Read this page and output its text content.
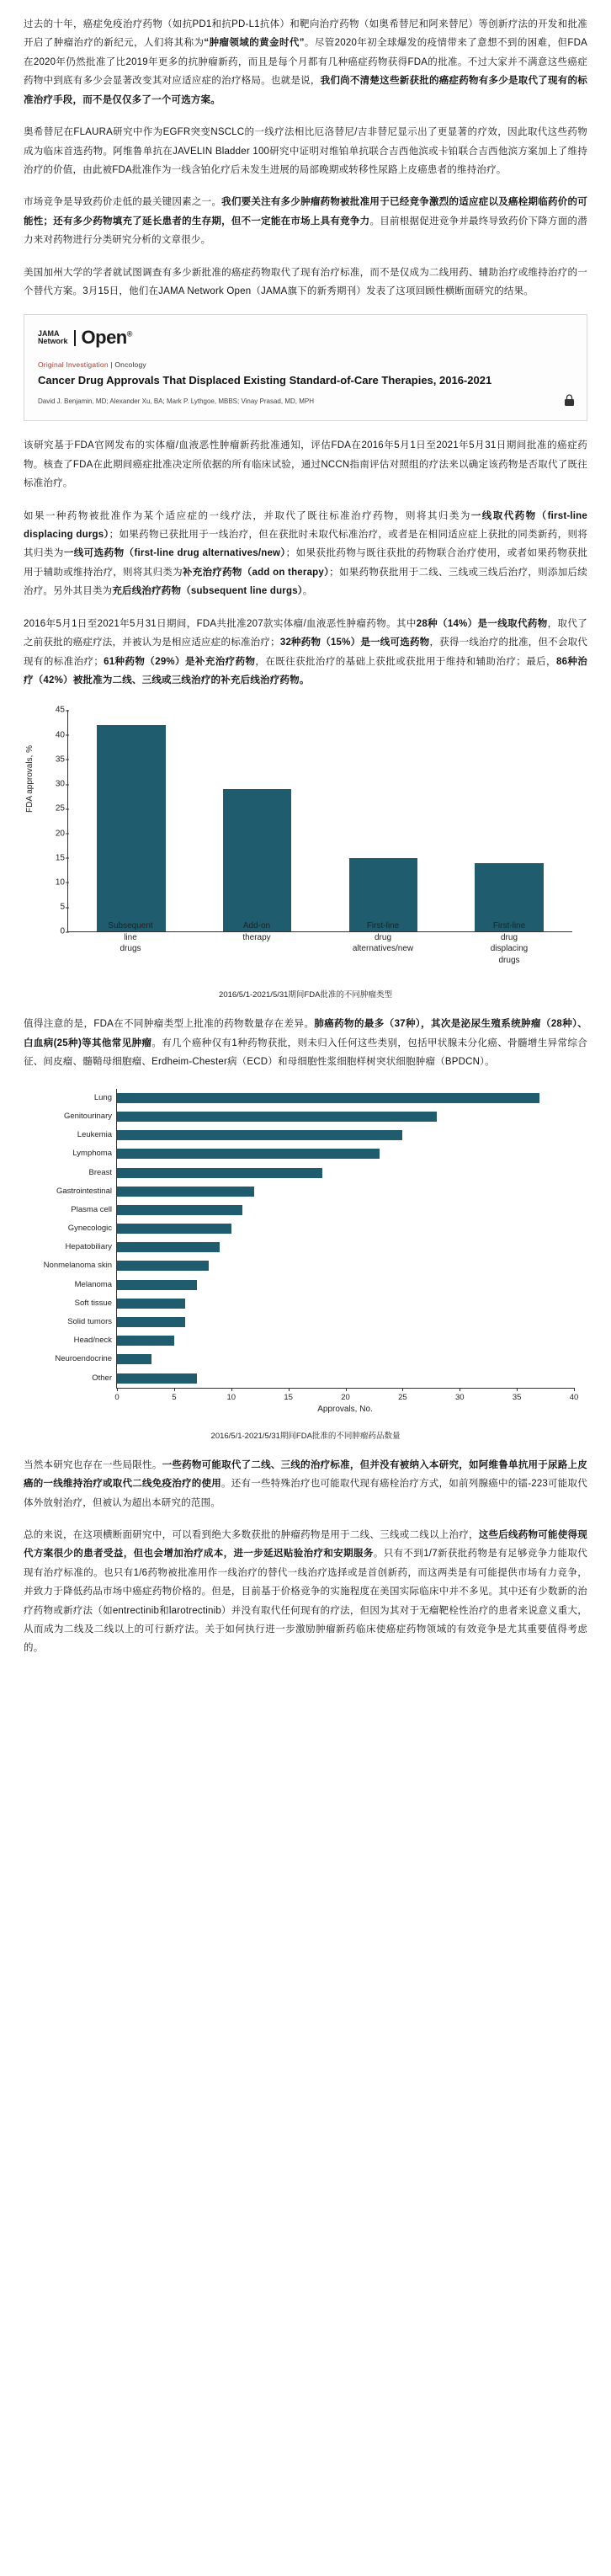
过去的十年，癌症免疫治疗药物（如抗PD1和抗PD-L1抗体）和靶向治疗药物（如奥希替尼和阿来替尼）等创新疗法的开发和批准开启了肿瘤治疗的新纪元，人们将其称为“肿瘤领域的黄金时代”。尽管2020年初全球爆发的疫情带来了意想不到的困难，但FDA在2020年仍然批准了比2019年更多的抗肿瘤新药，而且是每个月都有几种癌症药物获得FDA的批准。不过大家并不满意这些癌症药物中到底有多少会显著改变其对应适应症的治疗格局。也就是说，我们尚不清楚这些新获批的癌症药物有多少是取代了现有的标准治疗手段，而不是仅仅多了一个可选方案。

奥希替尼在FLAURA研究中作为EGFR突变NSCLC的一线疗法相比厄洛替尼/吉非替尼显示出了更显著的疗效，因此取代这些药物成为临床首选药物。阿维鲁单抗在JAVELIN Bladder 100研究中证明对维铂单抗联合吉西他滨或卡铂联合吉西他滨方案加上了维持治疗的价值，由此被FDA批准作为一线含铂化疗后未发生进展的局部晚期或转移性尿路上皮癌患者的维持治疗。

市场竞争是导致药价走低的最关键因素之一。我们要关注有多少肿瘤药物被批准用于已经竞争激烈的适应症以及癌栓期临药价的可能性；还有多少药物填充了延长患者的生存期，但不一定能在市场上具有竞争力。目前根据促进竞争并最终导致药价下降方面的潜力来对药物进行分类研究分析的文章很少。

美国加州大学的学者就试图调查有多少新批准的癌症药物取代了现有治疗标准，而不是仅成为二线用药、辅助治疗或维持治疗的一个替代方案。3月15日，他们在JAMA Network Open（JAMA旗下的新秀期刊）发表了这项回顾性横断面研究的结果。

JAMA
Network Open®
Original Investigation | Oncology
Cancer Drug Approvals That Displaced Existing Standard-of-Care Therapies, 2016-2021
David J. Benjamin, MD; Alexander Xu, BA; Mark P. Lythgoe, MBBS; Vinay Prasad, MD, MPH

该研究基于FDA官网发布的实体瘤/血液恶性肿瘤新药批准通知，评估FDA在2016年5月1日至2021年5月31日期间批准的癌症药物。核查了FDA在此期间癌症批准决定所依据的所有临床试验，通过NCCN指南评估对照组的疗法来以确定该药物是否取代了既往标准治疗。

如果一种药物被批准作为某个适应症的一线疗法，并取代了既往标准治疗药物，则将其归类为一线取代药物（first-line displacing durgs）；如果药物已获批用于一线治疗，但在获批时未取代标准治疗，或者是在相同适应症上获批的同类新药，则将其归类为一线可选药物（first-line drug alternatives/new）；如果获批药物与既往获批的药物联合治疗使用，或者如果药物获批用于辅助或维持治疗，则将其归类为补充治疗药物（add on therapy）；如果药物获批用于二线、三线或三线后治疗，则添加后续治疗。另外其目类为充后线治疗药物（subsequent line durgs）。

2016年5月1日至2021年5月31日期间，FDA共批准207款实体瘤/血液恶性肿瘤药物。其中28种（14%）是一线取代药物，取代了之前获批的癌症疗法，并被认为是相应适应症的标准治疗；32种药物（15%）是一线可选药物，获得一线治疗的批准，但不会取代现有的标准治疗；61种药物（29%）是补充治疗药物，在既往获批治疗的基础上获批或获批用于维持和辅助治疗；最后，86种治疗（42%）被批准为二线、三线或三线治疗的补充后线治疗药物。

FDA approvals, %
0
5
10
15
20
25
30
35
40
45
Subsequent
line
drugs
Add-on
therapy
First-line
drug
alternatives/new
First-line
drug
displacing
drugs
2016/5/1-2021/5/31期间FDA批准的不同肿瘤类型

值得注意的是，FDA在不同肿瘤类型上批准的药物数量存在差异。肺癌药物的最多（37种），其次是泌尿生殖系统肿瘤（28种）、白血病(25种)等其他常见肿瘤。有几个癌种仅有1种药物获批，则未归入任何这些类别，包括甲状腺未分化癌、骨髓增生异常综合征、间皮瘤、髓鞘母细胞瘤、Erdheim-Chester病（ECD）和母细胞性浆细胞样树突状细胞肿瘤（BPDCN）。

Lung
Genitourinary
Leukemia
Lymphoma
Breast
Gastrointestinal
Plasma cell
Gynecologic
Hepatobiliary
Nonmelanoma skin
Melanoma
Soft tissue
Solid tumors
Head/neck
Neuroendocrine
Other
0	5	10	15	20	25	30	35	40
Approvals, No.
2016/5/1-2021/5/31期间FDA批准的不同肿瘤药品数量

当然本研究也存在一些局限性。一些药物可能取代了二线、三线的治疗标准，但并没有被纳入本研究，如阿维鲁单抗用于尿路上皮癌的一线维持治疗或取代二线免疫治疗的使用。还有一些特殊治疗也可能取代现有癌栓治疗方式，如前列腺癌中的镭-223可能取代体外放射治疗，但被认为超出本研究的范围。

总的来说，在这项横断面研究中，可以看到绝大多数获批的肿瘤药物是用于二线、三线或二线以上治疗，这些后线药物可能使得现代方案很少的患者受益，但也会增加治疗成本，进一步延迟贴验治疗和安期服务。只有不到1/7新获批药物是有足够竞争力能取代现有治疗标准的。也只有1/6药物被批准用作一线治疗的替代一线治疗选择或是首创新药，而这两类是有可能提供市场有力竞争，并致力于降低药品市场中癌症药物价格的。但是，目前基于价格竞争的实施程度在美国实际临床中并不多见。其中还有少数新的治疗药物或新疗法（如entrectinib和larotrectinib）并没有取代任何现有的疗法，但因为其对于无瘤靶栓性治疗的患者来说意义重大，从而成为二线及二线以上的可行新疗法。关于如何执行进一步激励肿瘤新药临床使癌症药物领域的有效竞争是尤其重要值得考虑的。
